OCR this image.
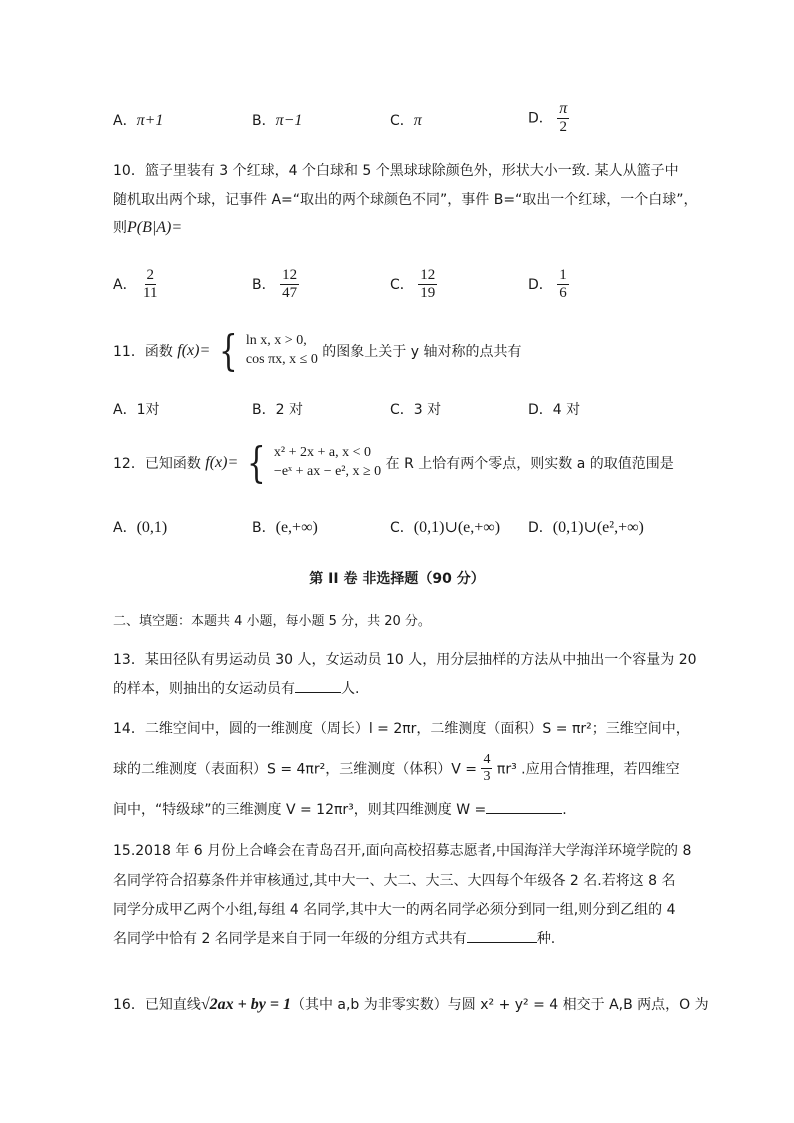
A．π+1	B．π−1	C．π	D． $\frac{\pi}{2}$
10．篮子里装有 3 个红球，4 个白球和 5 个黑球球除颜色外，形状大小一致. 某人从篮子中
随机取出两个球，记事件 A=“取出的两个球颜色不同”，事件 B=“取出一个红球，一个白球”，
则P(B|A)=
A． $\frac{2}{11}$	B． $\frac{12}{47}$	C． $\frac{12}{19}$	D． $\frac{1}{6}$
11．函数 f(x)= { ln x, x > 0,
cos πx, x ≤ 0 的图象上关于 y 轴对称的点共有
A．1对	B．2 对	C．3 对	D．4 对
12．已知函数 f(x)= { x² + 2x + a, x < 0
−eˣ + ax − e², x ≥ 0 在 R 上恰有两个零点，则实数 a 的取值范围是
A．(0,1)	B．(e,+∞)	C．(0,1)∪(e,+∞) D．(0,1)∪(e²,+∞)
第 II 卷 非选择题（90 分）
二、填空题：本题共 4 小题，每小题 5 分，共 20 分。
13．某田径队有男运动员 30 人，女运动员 10 人，用分层抽样的方法从中抽出一个容量为 20
的样本，则抽出的女运动员有	人.
14．二维空间中，圆的一维测度（周长）l = 2πr，二维测度（面积）S = πr²；三维空间中，
球的二维测度（表面积）S = 4πr²，三维测度（体积）$V = \frac{4}{3} \pi r^3$ .应用合情推理，若四维空
间中，“特级球”的三维测度 V = 12πr³，则其四维测度 W =	.
15.2018 年 6 月份上合峰会在青岛召开,面向高校招募志愿者,中国海洋大学海洋环境学院的 8
名同学符合招募条件并审核通过,其中大一、大二、大三、大四每个年级各 2 名.若将这 8 名
同学分成甲乙两个小组,每组 4 名同学,其中大一的两名同学必须分到同一组,则分到乙组的 4
名同学中恰有 2 名同学是来自于同一年级的分组方式共有	种.
16．已知直线√2ax + by = 1（其中 a,b 为非零实数）与圆 x² + y² = 4 相交于 A,B 两点，O 为
